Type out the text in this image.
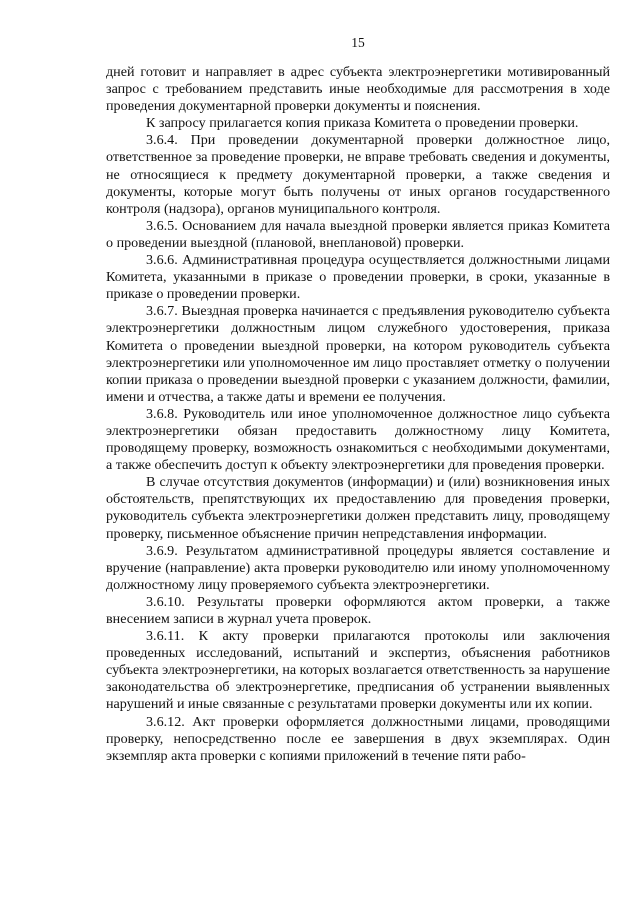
15

дней готовит и направляет в адрес субъекта электроэнергетики мотивированный запрос с требованием представить иные необходимые для рассмотрения в ходе проведения документарной проверки документы и пояснения.

К запросу прилагается копия приказа Комитета о проведении проверки.

3.6.4. При проведении документарной проверки должностное лицо, ответственное за проведение проверки, не вправе требовать сведения и документы, не относящиеся к предмету документарной проверки, а также сведения и документы, которые могут быть получены от иных органов государственного контроля (надзора), органов муниципального контроля.

3.6.5. Основанием для начала выездной проверки является приказ Комитета о проведении выездной (плановой, внеплановой) проверки.

3.6.6. Административная процедура осуществляется должностными лицами Комитета, указанными в приказе о проведении проверки, в сроки, указанные в приказе о проведении проверки.

3.6.7. Выездная проверка начинается с предъявления руководителю субъекта электроэнергетики должностным лицом служебного удостоверения, приказа Комитета о проведении выездной проверки, на котором руководитель субъекта электроэнергетики или уполномоченное им лицо проставляет отметку о получении копии приказа о проведении выездной проверки с указанием должности, фамилии, имени и отчества, а также даты и времени ее получения.

3.6.8. Руководитель или иное уполномоченное должностное лицо субъекта электроэнергетики обязан предоставить должностному лицу Комитета, проводящему проверку, возможность ознакомиться с необходимыми документами, а также обеспечить доступ к объекту электроэнергетики для проведения проверки.

В случае отсутствия документов (информации) и (или) возникновения иных обстоятельств, препятствующих их предоставлению для проведения проверки, руководитель субъекта электроэнергетики должен представить лицу, проводящему проверку, письменное объяснение причин непредставления информации.

3.6.9. Результатом административной процедуры является составление и вручение (направление) акта проверки руководителю или иному уполномоченному должностному лицу проверяемого субъекта электроэнергетики.

3.6.10. Результаты проверки оформляются актом проверки, а также внесением записи в журнал учета проверок.

3.6.11. К акту проверки прилагаются протоколы или заключения проведенных исследований, испытаний и экспертиз, объяснения работников субъекта электроэнергетики, на которых возлагается ответственность за нарушение законодательства об электроэнергетике, предписания об устранении выявленных нарушений и иные связанные с результатами проверки документы или их копии.

3.6.12. Акт проверки оформляется должностными лицами, проводящими проверку, непосредственно после ее завершения в двух экземплярах. Один экземпляр акта проверки с копиями приложений в течение пяти рабо-
